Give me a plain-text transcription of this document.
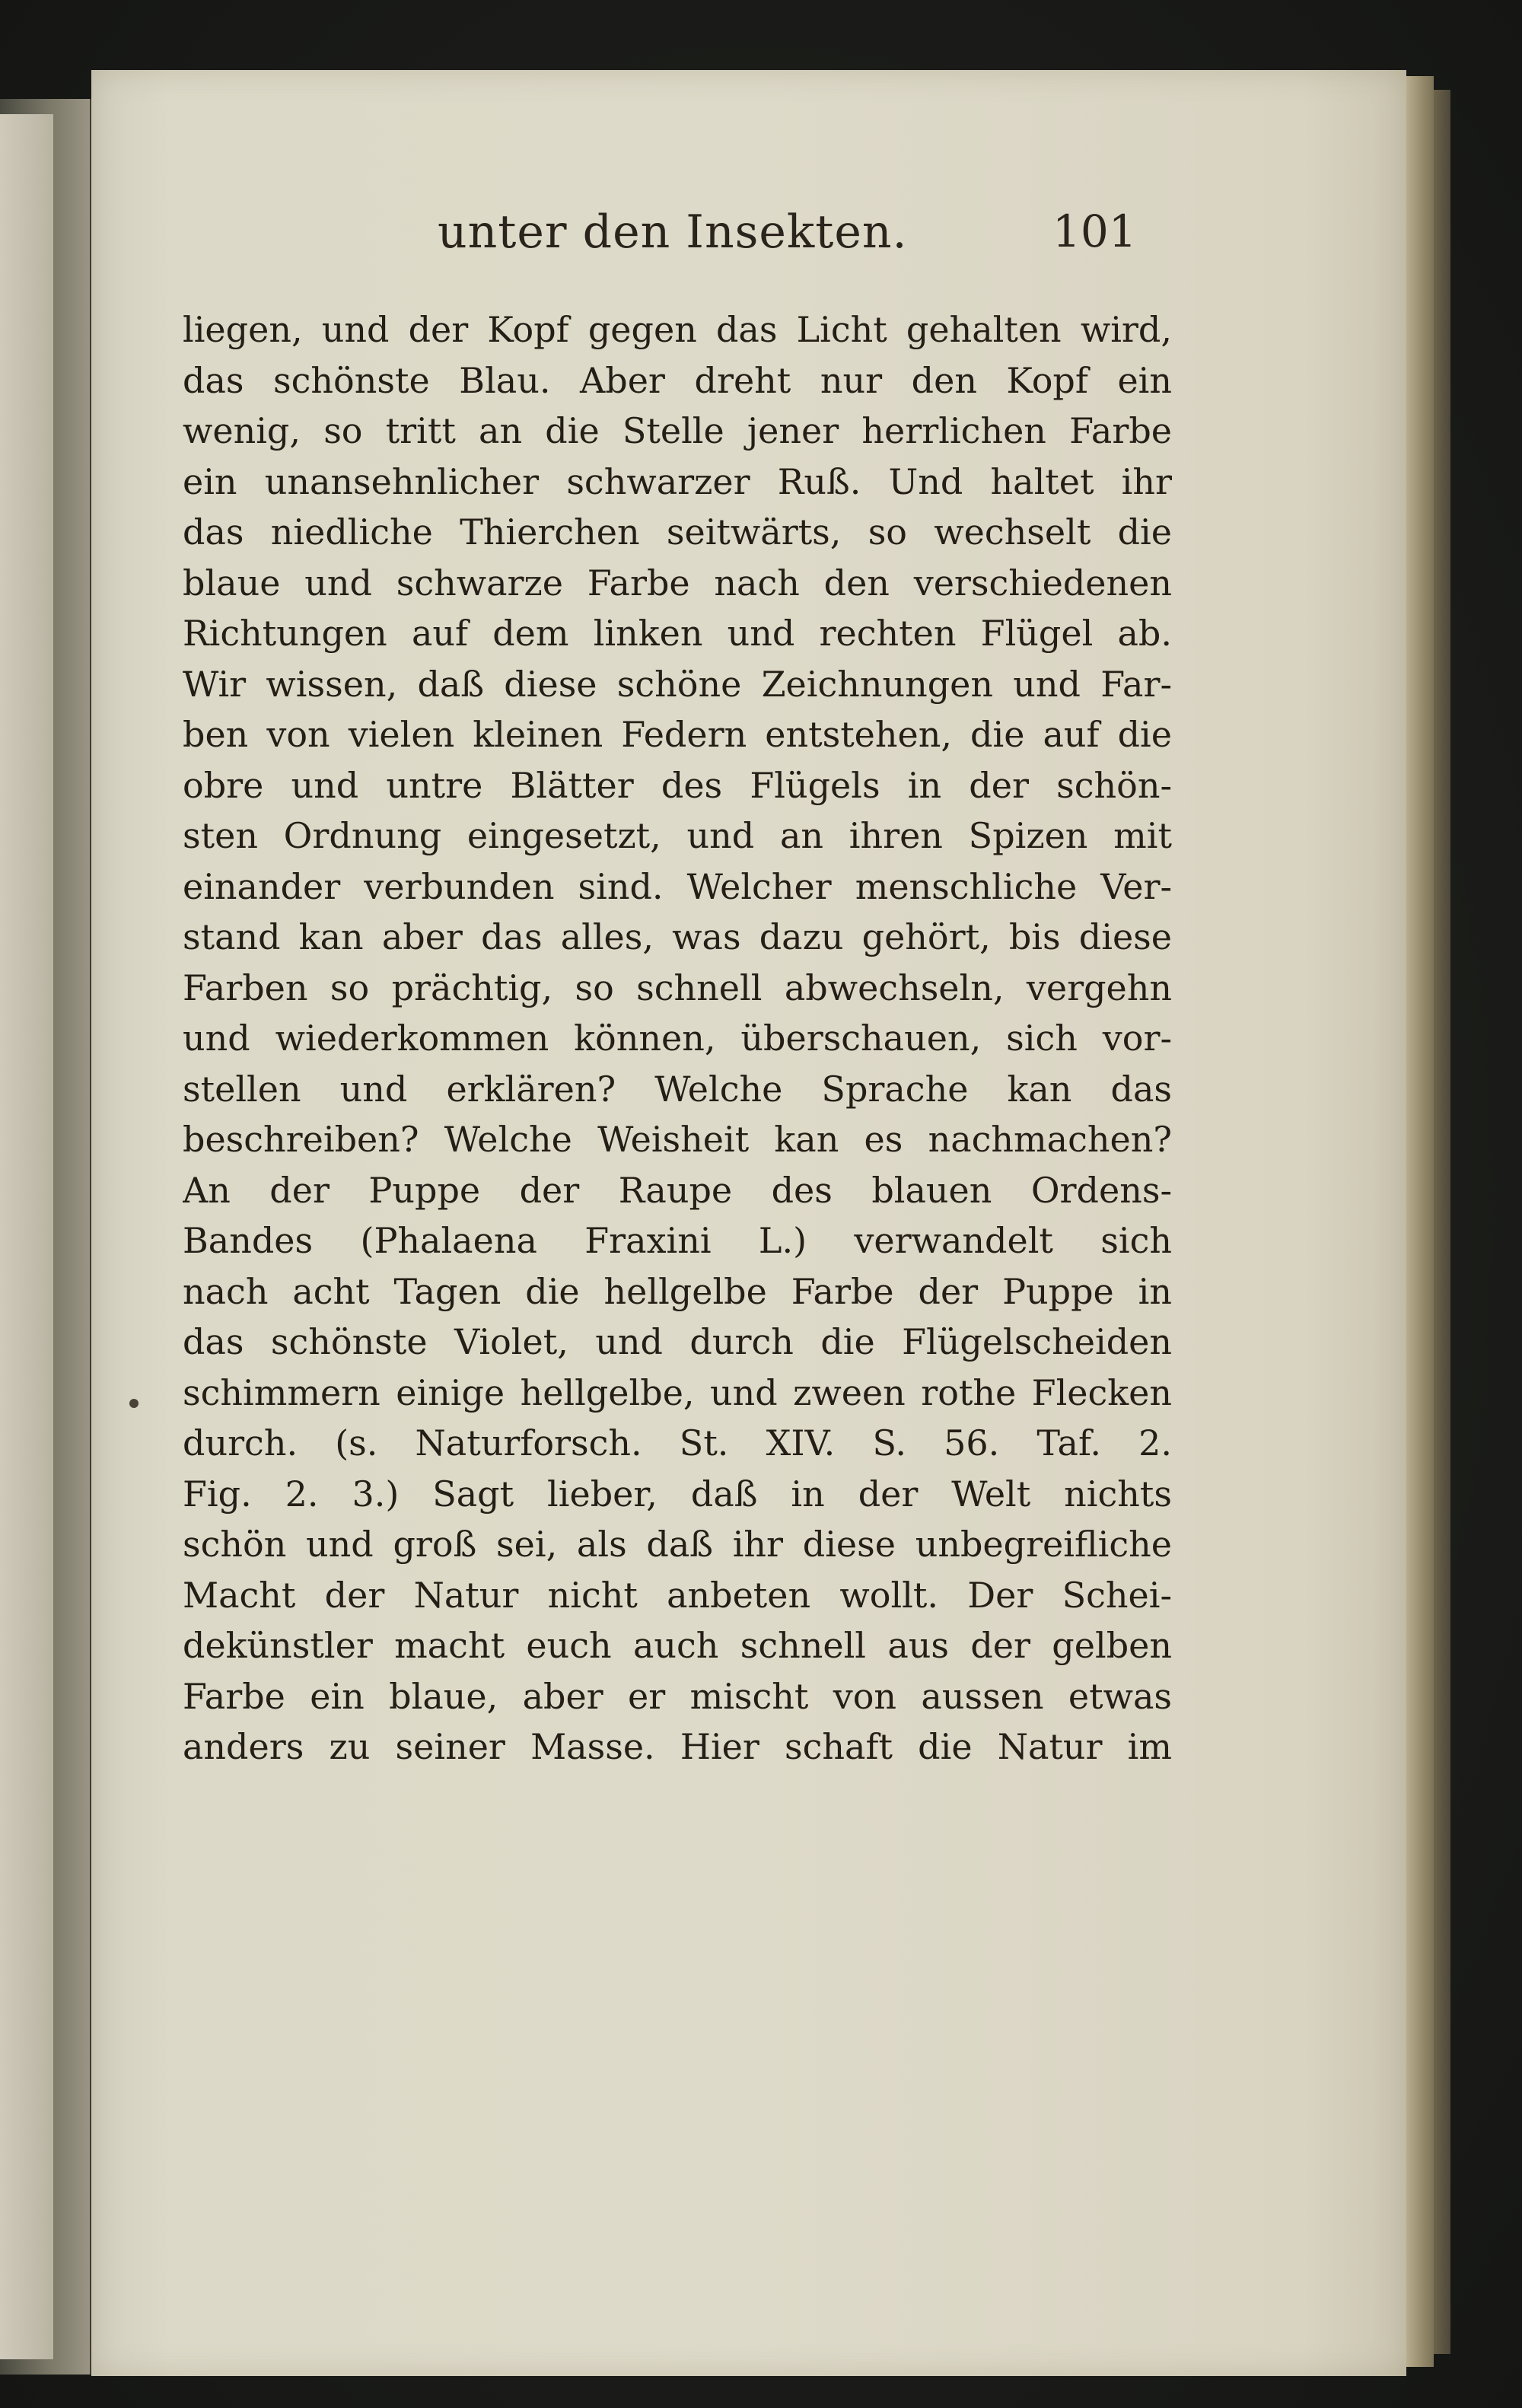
unter den Insekten.	101
liegen, und der Kopf gegen das Licht gehalten wird,
das schönste Blau. Aber dreht nur den Kopf ein
wenig, so tritt an die Stelle jener herrlichen Farbe
ein unansehnlicher schwarzer Ruß. Und haltet ihr
das niedliche Thierchen seitwärts, so wechselt die
blaue und schwarze Farbe nach den verschiedenen
Richtungen auf dem linken und rechten Flügel ab.
Wir wissen, daß diese schöne Zeichnungen und Far-
ben von vielen kleinen Federn entstehen, die auf die
obre und untre Blätter des Flügels in der schön-
sten Ordnung eingesetzt, und an ihren Spizen mit
einander verbunden sind. Welcher menschliche Ver-
stand kan aber das alles, was dazu gehört, bis diese
Farben so prächtig, so schnell abwechseln, vergehn
und wiederkommen können, überschauen, sich vor-
stellen und erklären? Welche Sprache kan das
beschreiben? Welche Weisheit kan es nachmachen?
An der Puppe der Raupe des blauen Ordens-
Bandes (Phalaena Fraxini L.) verwandelt sich
nach acht Tagen die hellgelbe Farbe der Puppe in
das schönste Violet, und durch die Flügelscheiden
schimmern einige hellgelbe, und zween rothe Flecken
durch. (s. Naturforsch. St. XIV. S. 56. Taf. 2.
Fig. 2. 3.) Sagt lieber, daß in der Welt nichts
schön und groß sei, als daß ihr diese unbegreifliche
Macht der Natur nicht anbeten wollt. Der Schei-
dekünstler macht euch auch schnell aus der gelben
Farbe ein blaue, aber er mischt von aussen etwas
anders zu seiner Masse. Hier schaft die Natur im
